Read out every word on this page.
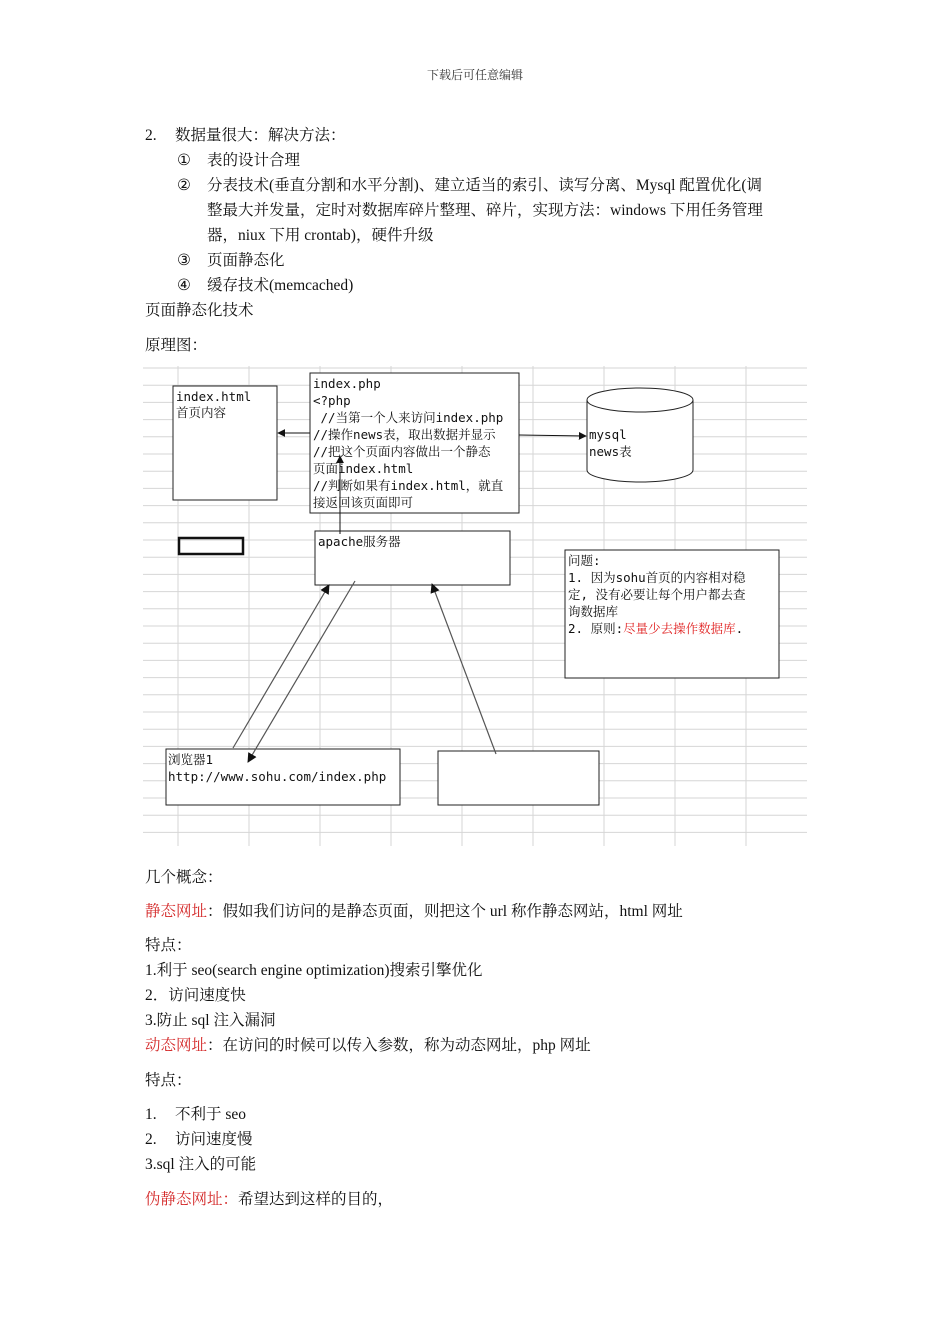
下载后可任意编辑
2. 数据量很大：解决方法：
① 表的设计合理
② 分表技术(垂直分割和水平分割)、建立适当的索引、读写分离、Mysql 配置优化(调
整最大并发量，定时对数据库碎片整理、碎片，实现方法：windows 下用任务管理
器，niux 下用 crontab)，硬件升级
③ 页面静态化
④ 缓存技术(memcached)
页面静态化技术
原理图：
index.html
首页内容
index.php
<?php
//当第一个人来访问index.php
//操作news表，取出数据并显示
//把这个页面内容做出一个静态
页面index.html
//判断如果有index.html，就直
接返回该页面即可
mysql
news表
apache服务器
问题:
1. 因为sohu首页的内容相对稳
定, 没有必要让每个用户都去查
询数据库
2. 原则:尽量少去操作数据库.
浏览器1
http://www.sohu.com/index.php
几个概念：
静态网址：假如我们访问的是静态页面，则把这个 url 称作静态网站，html 网址
特点：
1.利于 seo(search engine optimization)搜索引擎优化
2．访问速度快
3.防止 sql 注入漏洞
动态网址：在访问的时候可以传入参数，称为动态网址，php 网址
特点：
1. 不利于 seo
2. 访问速度慢
3.sql 注入的可能
伪静态网址：希望达到这样的目的，
